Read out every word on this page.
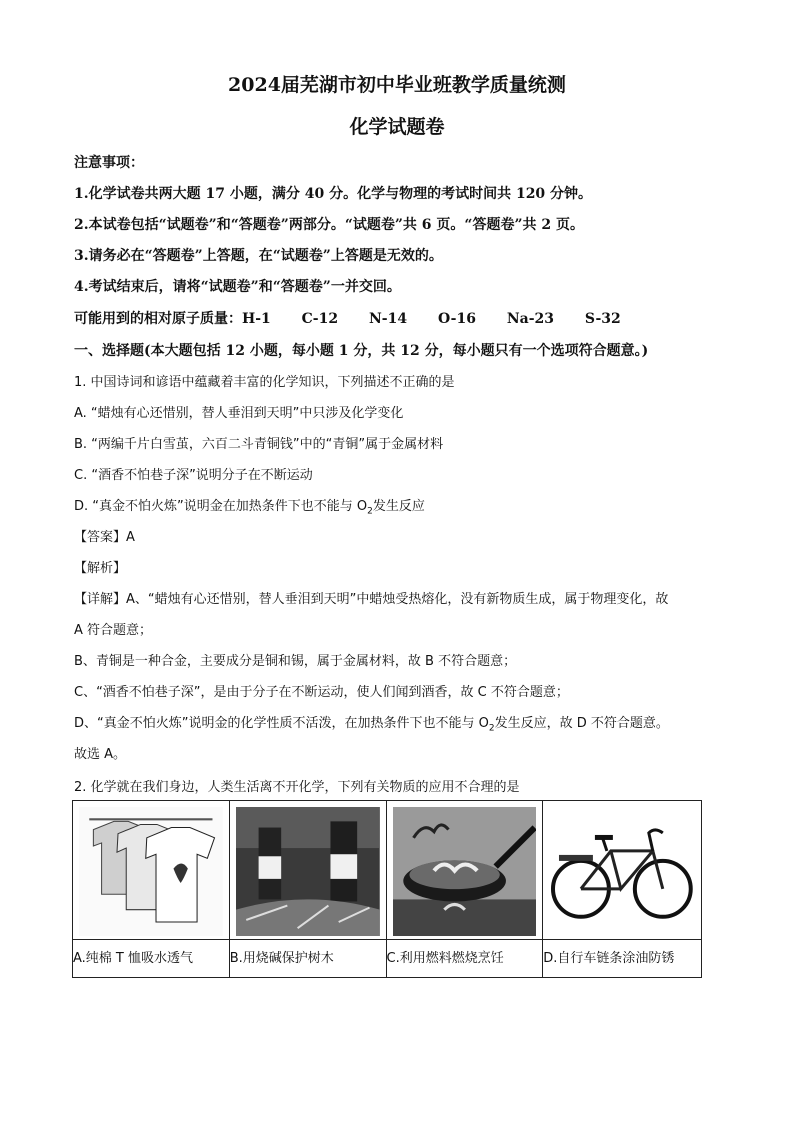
2024届芜湖市初中毕业班教学质量统测
化学试题卷
注意事项：
1.化学试卷共两大题 17 小题，满分 40 分。化学与物理的考试时间共 120 分钟。
2.本试卷包括“试题卷”和“答题卷”两部分。“试题卷”共 6 页。“答题卷”共 2 页。
3.请务必在“答题卷”上答题，在“试题卷”上答题是无效的。
4.考试结束后，请将“试题卷”和“答题卷”一并交回。
可能用到的相对原子质量：H-1 C-12 N-14 O-16 Na-23 S-32
一、选择题(本大题包括 12 小题，每小题 1 分，共 12 分，每小题只有一个选项符合题意。)
1. 中国诗词和谚语中蕴藏着丰富的化学知识，下列描述不正确的是
A. “蜡烛有心还惜别，替人垂泪到天明”中只涉及化学变化
B. “两编千片白雪茧，六百二斗青铜钱”中的“青铜”属于金属材料
C. “酒香不怕巷子深”说明分子在不断运动
D. “真金不怕火炼”说明金在加热条件下也不能与 $O_2$发生反应
【答案】A
【解析】
【详解】A、“蜡烛有心还惜别，替人垂泪到天明”中蜡烛受热熔化，没有新物质生成，属于物理变化，故
A 符合题意；
B、青铜是一种合金，主要成分是铜和锡，属于金属材料，故 B 不符合题意；
C、“酒香不怕巷子深”，是由于分子在不断运动，使人们闻到酒香，故 C 不符合题意；
D、“真金不怕火炼”说明金的化学性质不活泼，在加热条件下也不能与 $O_2$发生反应，故 D 不符合题意。
故选 A。
2. 化学就在我们身边，人类生活离不开化学，下列有关物质的应用不合理的是

A.纯棉 T 恤吸水透气	B.用烧碱保护树木	C.利用燃料燃烧烹饪	D.自行车链条涂油防锈
